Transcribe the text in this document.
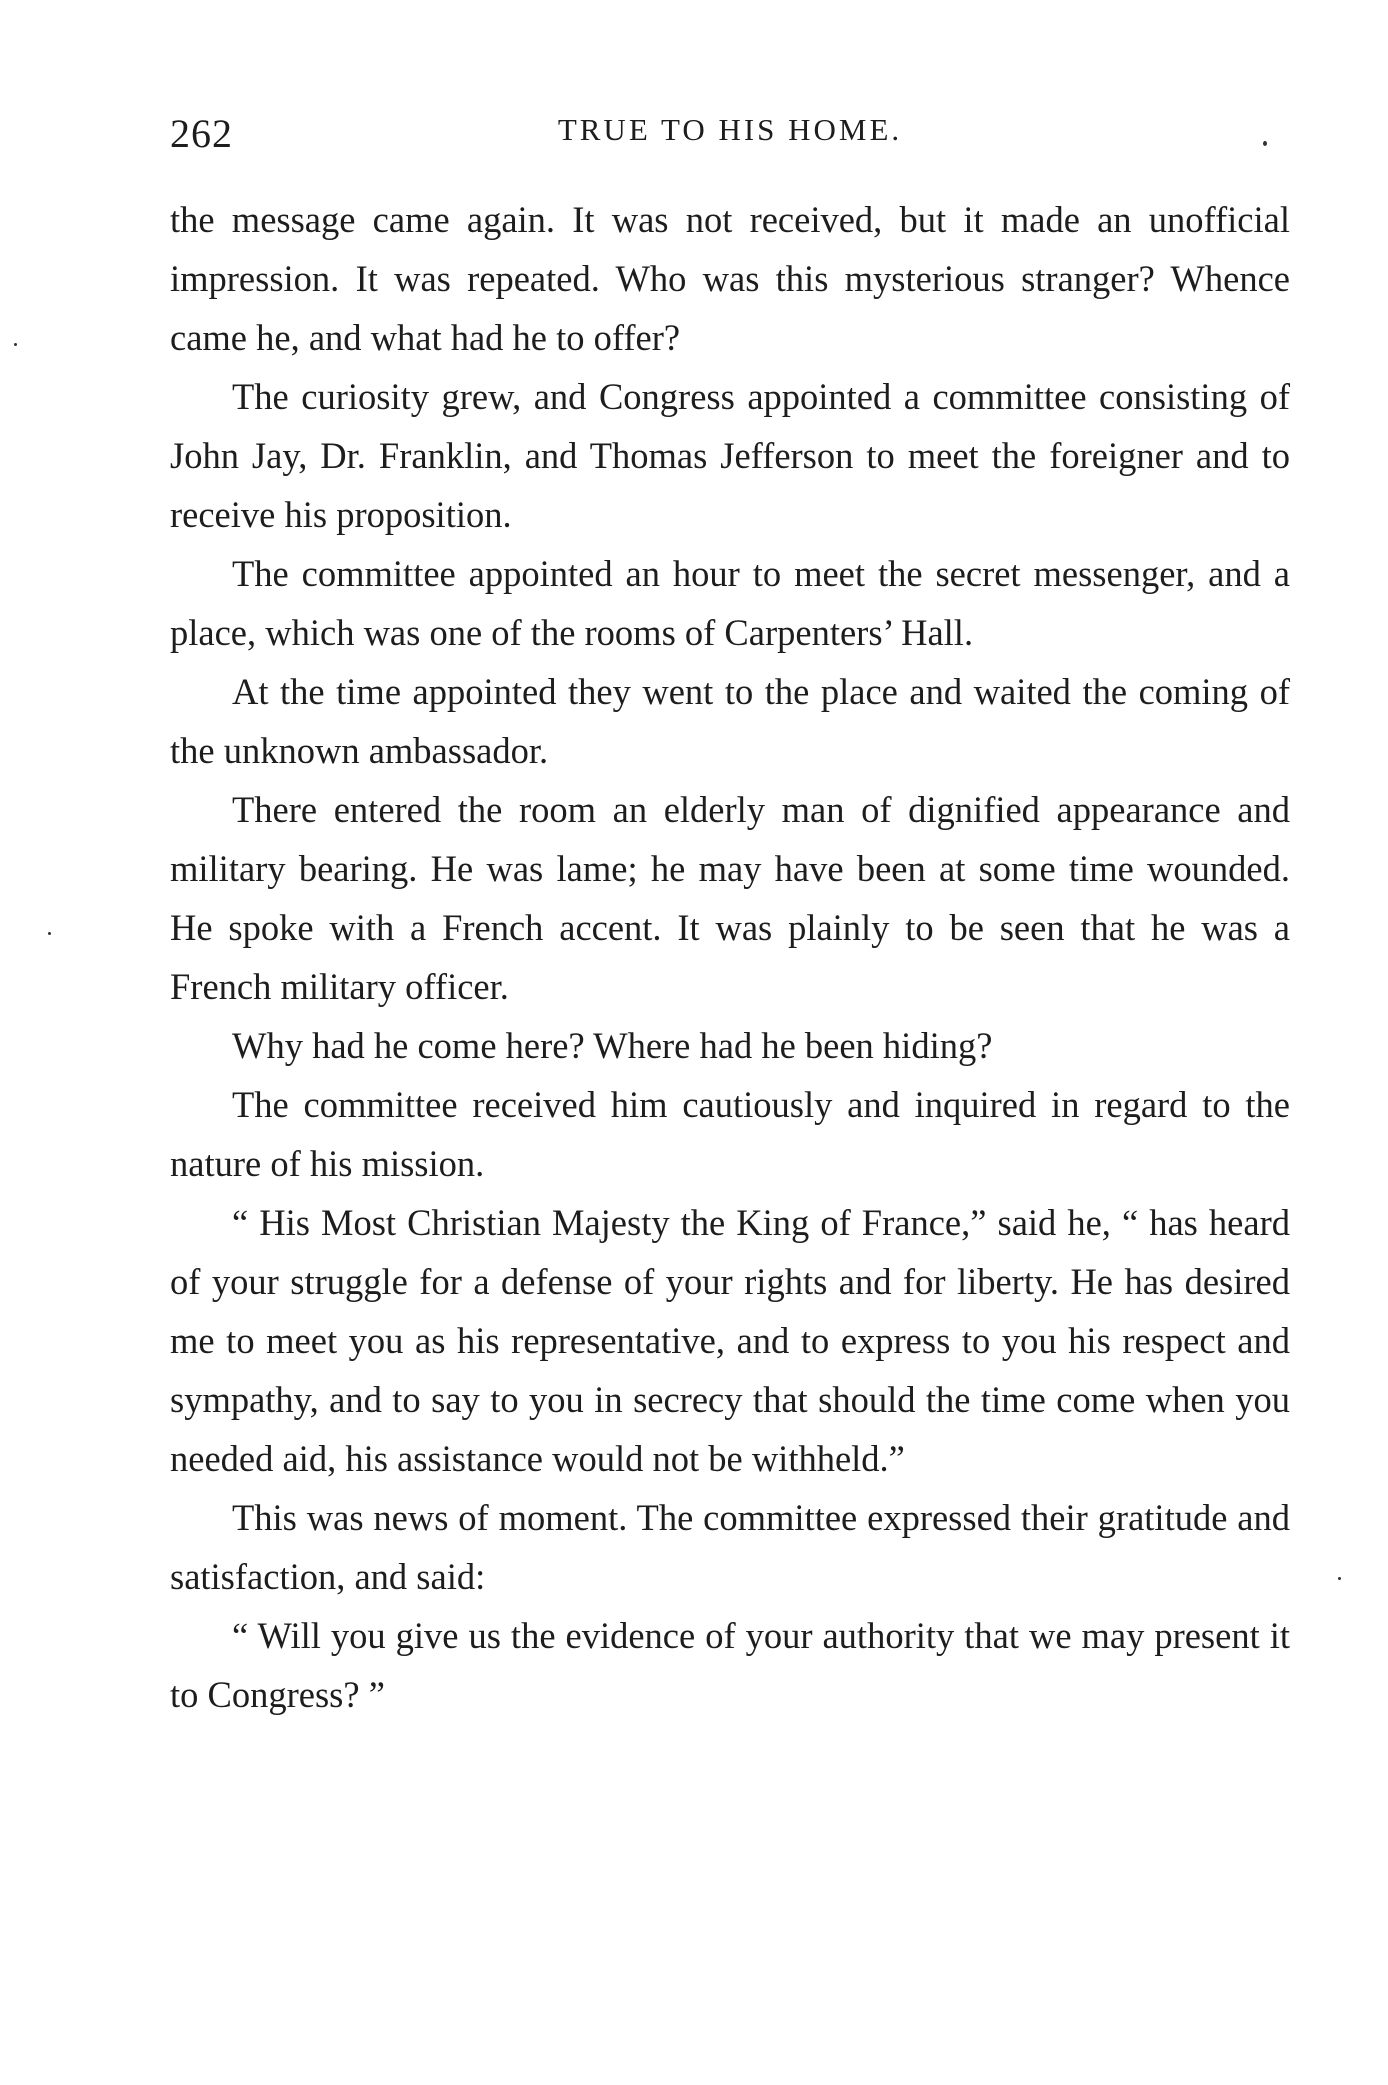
262	TRUE TO HIS HOME.

the message came again. It was not received, but it made an unofficial impression. It was repeated. Who was this mysterious stranger? Whence came he, and what had he to offer?

The curiosity grew, and Congress appointed a committee consisting of John Jay, Dr. Franklin, and Thomas Jefferson to meet the foreigner and to receive his proposition.

The committee appointed an hour to meet the secret messenger, and a place, which was one of the rooms of Carpenters’ Hall.

At the time appointed they went to the place and waited the coming of the unknown ambassador.

There entered the room an elderly man of dignified appearance and military bearing. He was lame; he may have been at some time wounded. He spoke with a French accent. It was plainly to be seen that he was a French military officer.

Why had he come here? Where had he been hiding?

The committee received him cautiously and inquired in regard to the nature of his mission.

“ His Most Christian Majesty the King of France,” said he, “ has heard of your struggle for a defense of your rights and for liberty. He has desired me to meet you as his representative, and to express to you his respect and sympathy, and to say to you in secrecy that should the time come when you needed aid, his assistance would not be withheld.”

This was news of moment. The committee expressed their gratitude and satisfaction, and said:

“ Will you give us the evidence of your authority that we may present it to Congress? ”
